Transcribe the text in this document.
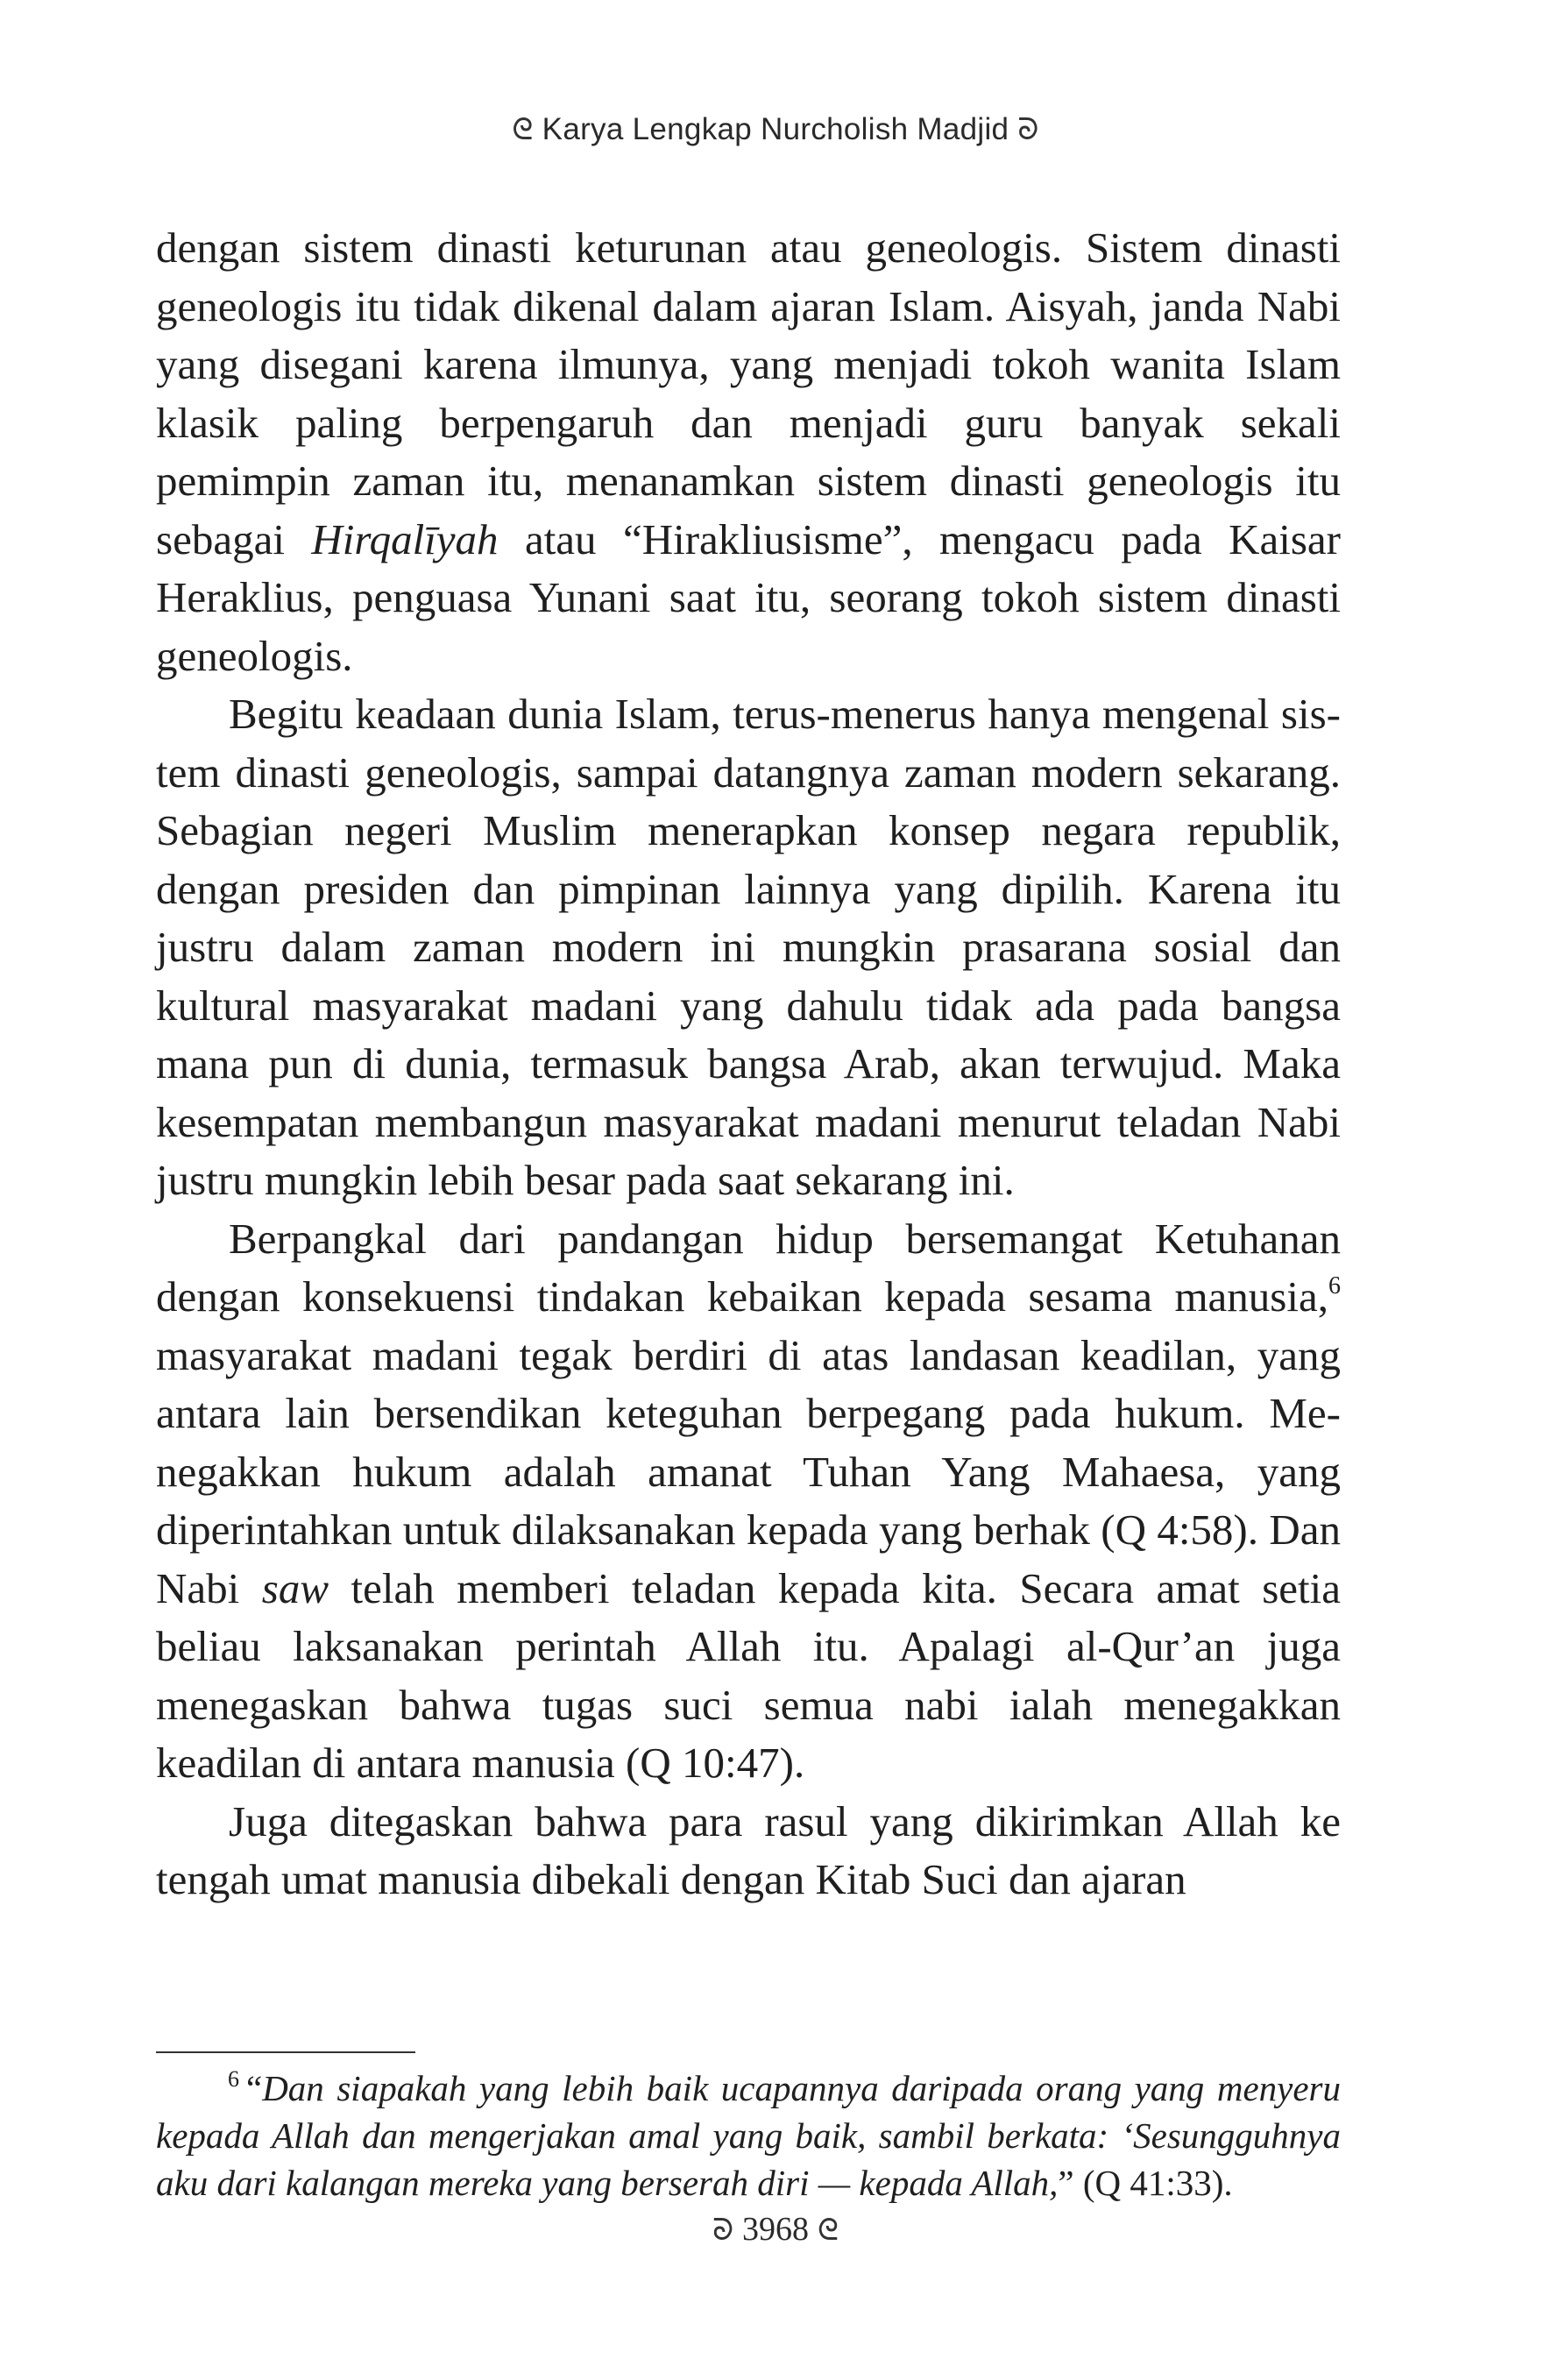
ᘓ Karya Lengkap Nurcholish Madjid ᘐ

dengan sistem dinasti keturunan atau geneologis. Sistem dinasti geneologis itu tidak dikenal dalam ajaran Islam. Aisyah, janda Nabi yang disegani karena ilmunya, yang menjadi tokoh wanita Islam klasik paling berpengaruh dan menjadi guru banyak sekali pemimpin zaman itu, menanamkan sistem dinasti geneologis itu sebagai Hirqalīyah atau “Hirakliusisme”, mengacu pada Kaisar Heraklius, penguasa Yunani saat itu, seorang tokoh sistem dinasti geneologis.

Begitu keadaan dunia Islam, terus-menerus hanya mengenal sistem dinasti geneologis, sampai datangnya zaman modern sekarang. Sebagian negeri Muslim menerapkan konsep negara republik, dengan presiden dan pimpinan lainnya yang dipilih. Karena itu justru dalam zaman modern ini mungkin prasarana sosial dan kultural masyarakat madani yang dahulu tidak ada pada bangsa mana pun di dunia, termasuk bangsa Arab, akan terwujud. Maka kesempatan membangun masyarakat madani menurut teladan Nabi justru mungkin lebih besar pada saat sekarang ini.

Berpangkal dari pandangan hidup bersemangat Ketuhanan dengan konsekuensi tindakan kebaikan kepada sesama manusia,$^6$ masyarakat madani tegak berdiri di atas landasan keadilan, yang antara lain bersendikan keteguhan berpegang pada hukum. Menegakkan hukum adalah amanat Tuhan Yang Mahaesa, yang diperintahkan untuk dilaksanakan kepada yang berhak (Q 4:58). Dan Nabi saw telah memberi teladan kepada kita. Secara amat setia beliau laksanakan perintah Allah itu. Apalagi al-Qur’an juga menegaskan bahwa tugas suci semua nabi ialah menegakkan keadilan di antara manusia (Q 10:47).

Juga ditegaskan bahwa para rasul yang dikirimkan Allah ke tengah umat manusia dibekali dengan Kitab Suci dan ajaran

$^6$ “Dan siapakah yang lebih baik ucapannya daripada orang yang menyeru kepada Allah dan mengerjakan amal yang baik, sambil berkata: ‘Sesungguhnya aku dari kalangan mereka yang berserah diri — kepada Allah,” (Q 41:33).

ᘐ 3968 ᘓ
